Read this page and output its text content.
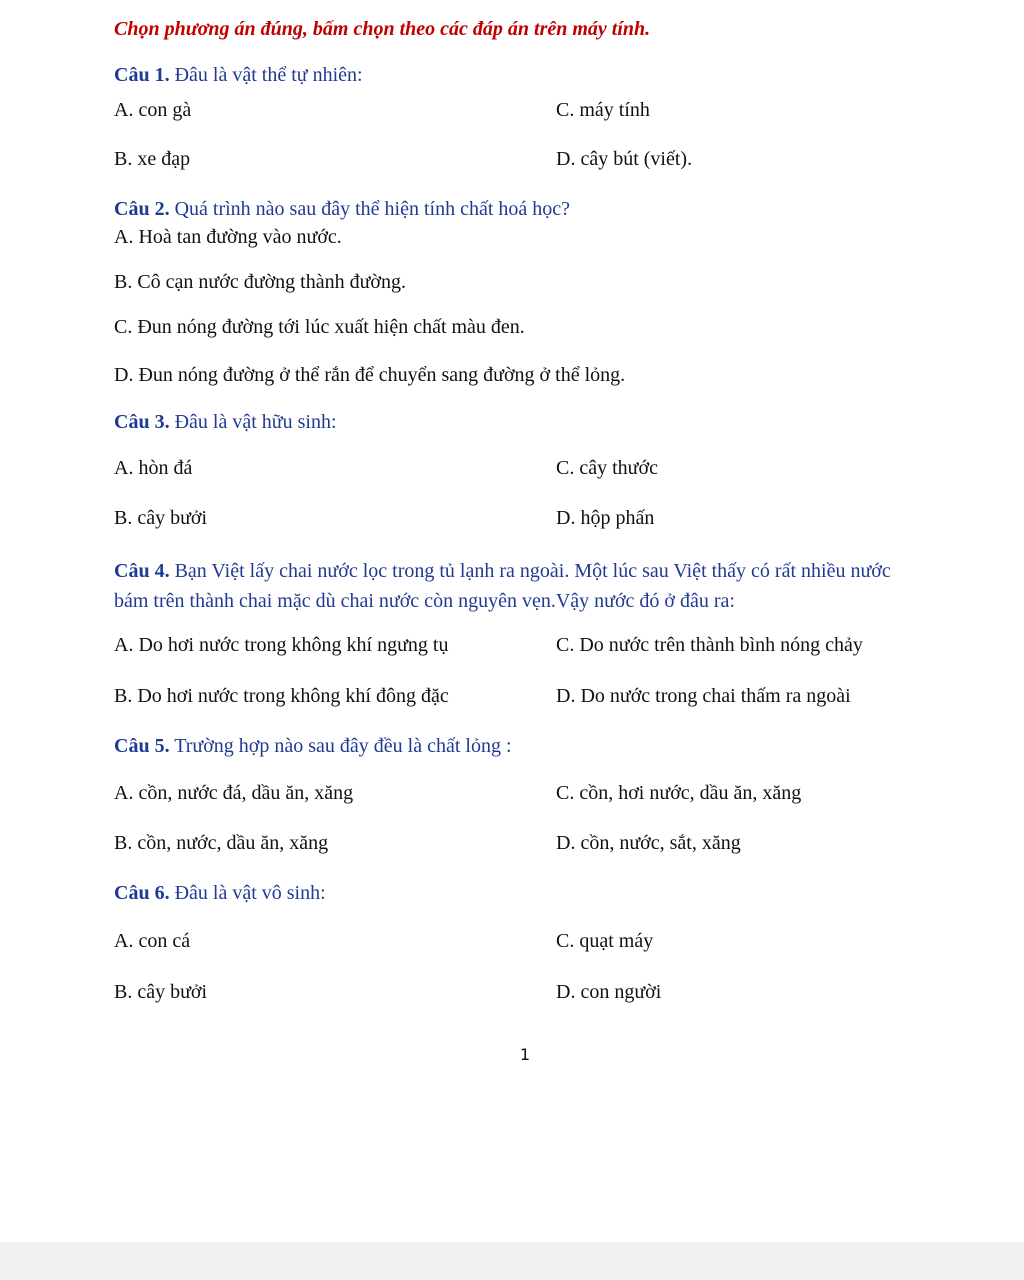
Chọn phương án đúng, bấm chọn theo các đáp án trên máy tính.
Câu 1. Đâu là vật thể tự nhiên:
A. con gà	C. máy tính
B. xe đạp	D. cây bút (viết).
Câu 2. Quá trình nào sau đây thể hiện tính chất hoá học?
A. Hoà tan đường vào nước.
B. Cô cạn nước đường thành đường.
C. Đun nóng đường tới lúc xuất hiện chất màu đen.
D. Đun nóng đường ở thể rắn để chuyển sang đường ở thể lỏng.
Câu 3. Đâu là vật hữu sinh:
A. hòn đá	C. cây thước
B. cây bưởi	D. hộp phấn
Câu 4. Bạn Việt lấy chai nước lọc trong tủ lạnh ra ngoài. Một lúc sau Việt thấy có rất nhiều nước bám trên thành chai mặc dù chai nước còn nguyên vẹn.Vậy nước đó ở đâu ra:
A. Do hơi nước trong không khí ngưng tụ	C. Do nước trên thành bình nóng chảy
B. Do hơi nước trong không khí đông đặc	D. Do nước trong chai thấm ra ngoài
Câu 5. Trường hợp nào sau đây đều là chất lỏng :
A. cồn, nước đá, dầu ăn, xăng	C. cồn, hơi nước, dầu ăn, xăng
B. cồn, nước, dầu ăn, xăng	D. cồn, nước, sắt, xăng
Câu 6. Đâu là vật vô sinh:
A. con cá	C. quạt máy
B. cây bưởi	D. con người
1
